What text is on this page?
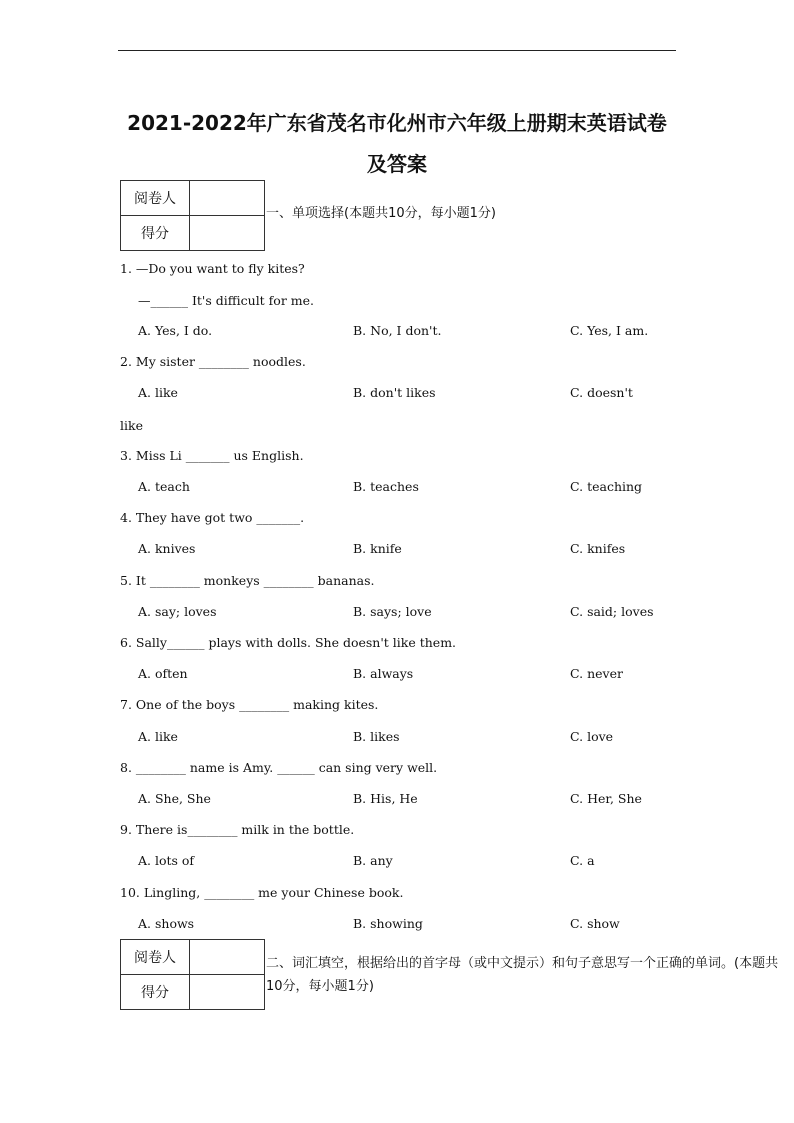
2021-2022年广东省茂名市化州市六年级上册期末英语试卷
及答案
阅卷人	
得分	
一、单项选择(本题共10分，每小题1分)
1. —Do you want to fly kites?
—______ It's difficult for me.
A. Yes, I do.	B. No, I don't.	C. Yes, I am.
2. My sister ________ noodles.
A. like	B. don't likes	C. doesn't
like
3. Miss Li _______ us English.
A. teach	B. teaches	C. teaching
4. They have got two _______.
A. knives	B. knife	C. knifes
5. It ________ monkeys ________ bananas.
A. say; loves	B. says; love	C. said; loves
6. Sally______ plays with dolls. She doesn't like them.
A. often	B. always	C. never
7. One of the boys ________ making kites.
A. like	B. likes	C. love
8. ________ name is Amy. ______ can sing very well.
A. She, She	B. His, He	C. Her, She
9. There is________ milk in the bottle.
A. lots of	B. any	C. a
10. Lingling, ________ me your Chinese book.
A. shows	B. showing	C. show
阅卷人	
得分	
二、词汇填空，根据给出的首字母（或中文提示）和句子意思写一个正确的单词。(本题共10分，每小题1分)
